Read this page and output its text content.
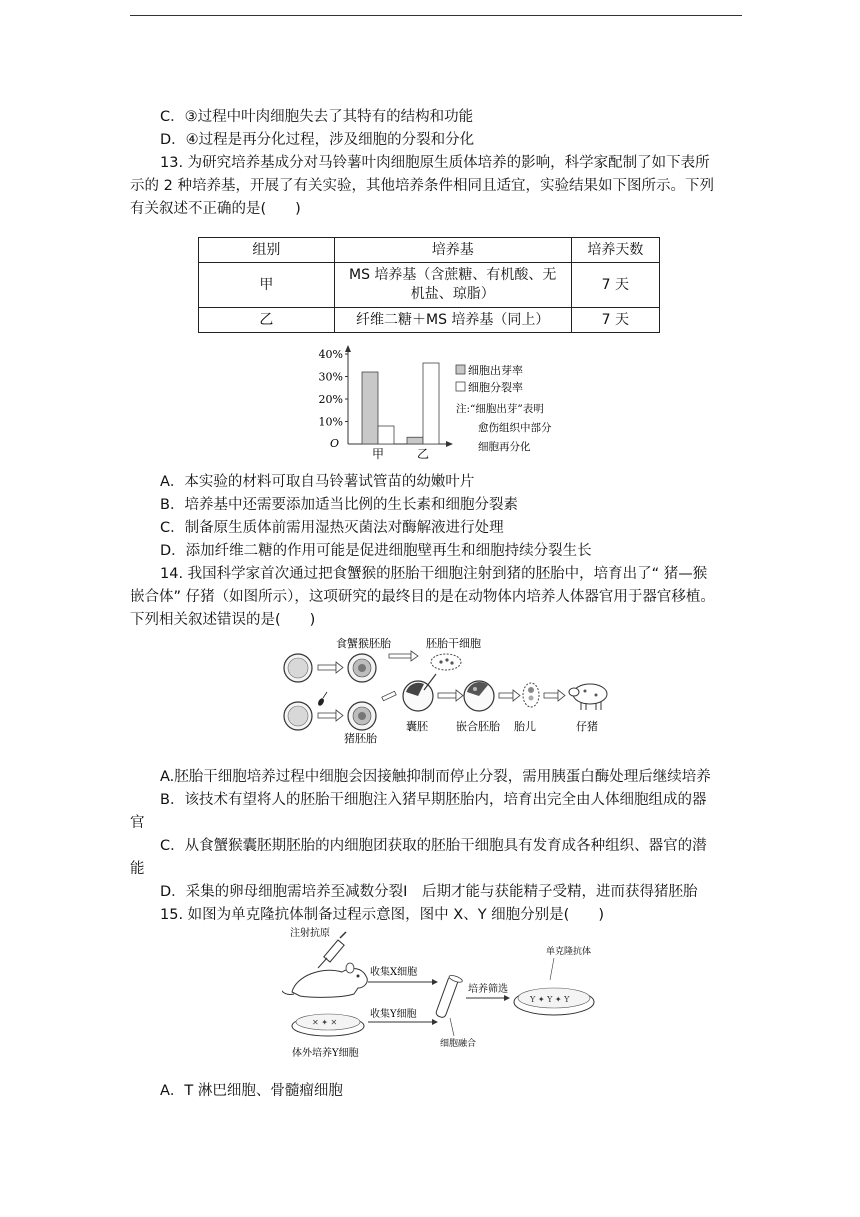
C．③过程中叶肉细胞失去了其特有的结构和功能
D．④过程是再分化过程，涉及细胞的分裂和分化
13. 为研究培养基成分对马铃薯叶肉细胞原生质体培养的影响，科学家配制了如下表所
示的 2 种培养基，开展了有关实验，其他培养条件相同且适宜，实验结果如下图所示。下列
有关叙述不正确的是(　　)
组别	培养基	培养天数
甲	MS 培养基（含蔗糖、有机酸、无
机盐、琼脂）	7 天
乙	纤维二糖＋MS 培养基（同上）	7 天
10%
20%
30%
40%
甲	乙
O
细胞出芽率
细胞分裂率
注:“细胞出芽”表明
愈伤组织中部分
细胞再分化
A．本实验的材料可取自马铃薯试管苗的幼嫩叶片
B．培养基中还需要添加适当比例的生长素和细胞分裂素
C．制备原生质体前需用湿热灭菌法对酶解液进行处理
D．添加纤维二糖的作用可能是促进细胞壁再生和细胞持续分裂生长
14. 我国科学家首次通过把食蟹猴的胚胎干细胞注射到猪的胚胎中，培育出了“ 猪—猴
嵌合体” 仔猪（如图所示），这项研究的最终目的是在动物体内培养人体器官用于器官移植。
下列相关叙述错误的是(　　)
食蟹猴胚胎	胚胎干细胞
猪胚胎
囊胚	嵌合胚胎 胎儿	仔猪
A.胚胎干细胞培养过程中细胞会因接触抑制而停止分裂，需用胰蛋白酶处理后继续培养
B．该技术有望将人的胚胎干细胞注入猪早期胚胎内，培育出完全由人体细胞组成的器
官
C．从食蟹猴囊胚期胚胎的内细胞团获取的胚胎干细胞具有发育成各种组织、器官的潜
能
D．采集的卵母细胞需培养至减数分裂Ⅰ　后期才能与获能精子受精，进而获得猪胚胎
15. 如图为单克隆抗体制备过程示意图，图中 X、Y 细胞分别是(　　)
注射抗原
收集X细胞
细胞融合
收集Y细胞
✕ ✦ ✕
体外培养Y细胞
培养筛选
单克隆抗体
Y ✦ Y ✦ Y
A．T 淋巴细胞、骨髓瘤细胞
